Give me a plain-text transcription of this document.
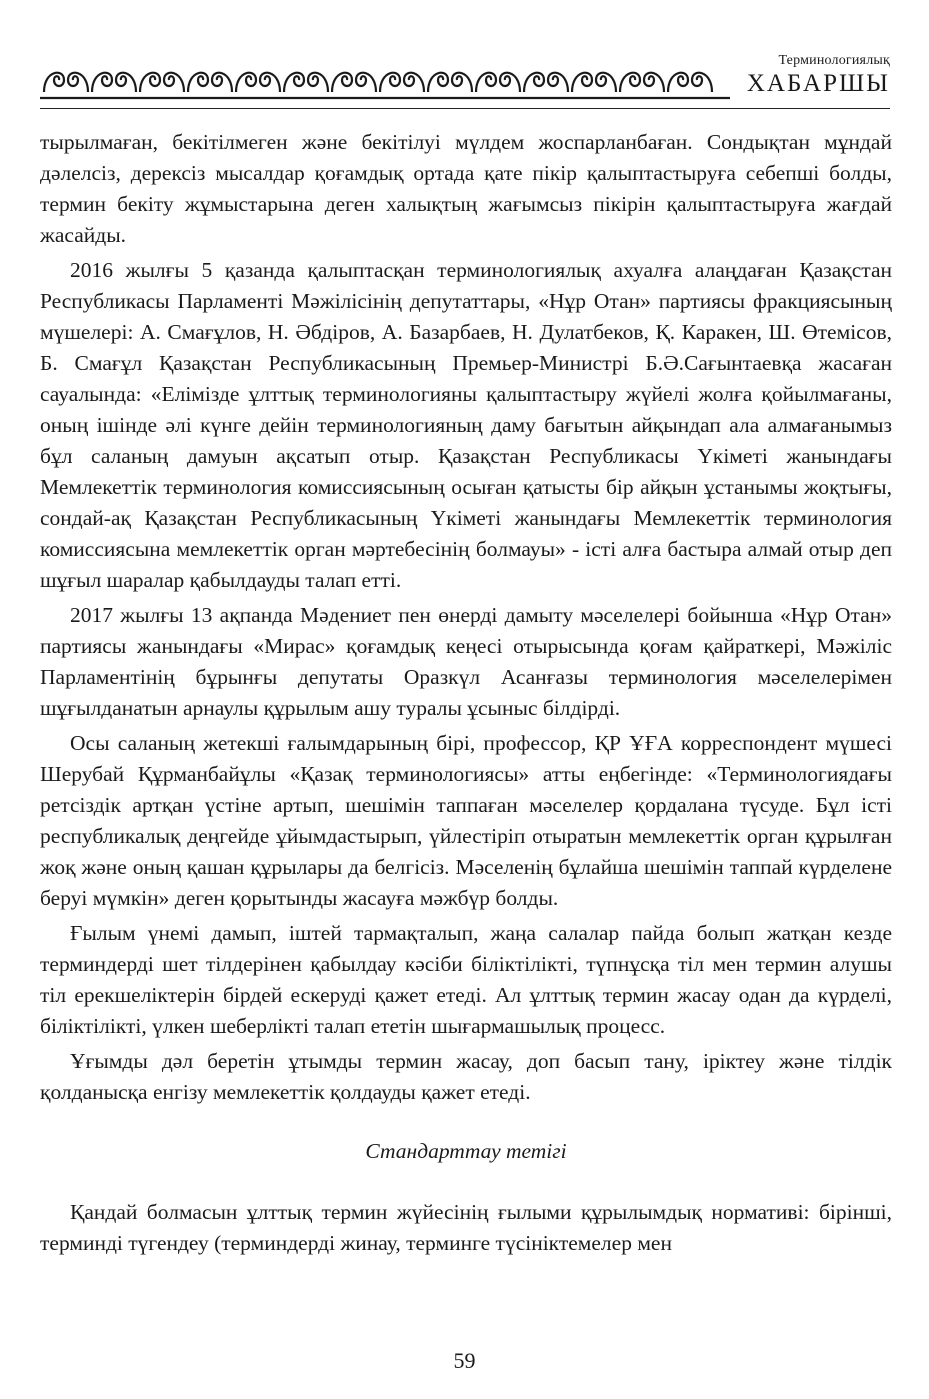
Терминологиялық
ХАБАРШЫ

тырылмаған, бекітілмеген және бекітілуі мүлдем жоспарланбаған. Сондықтан мұндай дәлелсіз, дерексіз мысалдар қоғамдық ортада қате пікір қалыптастыруға себепші болды, термин бекіту жұмыстарына деген халықтың жағымсыз пікірін қалыптастыруға жағдай жасайды.

2016 жылғы 5 қазанда қалыптасқан терминологиялық ахуалға алаңдаған Қазақстан Республикасы Парламенті Мәжілісінің депутаттары, «Нұр Отан» партиясы фракциясының мүшелері: А. Смағұлов, Н. Әбдіров, А. Базарбаев, Н. Дулатбеков, Қ. Каракен, Ш. Өтемісов, Б. Смағұл Қазақстан Республикасының Премьер-Министрі Б.Ә.Сағынтаевқа жасаған сауалында: «Елімізде ұлттық терминологияны қалыптастыру жүйелі жолға қойылмағаны, оның ішінде әлі күнге дейін терминологияның даму бағытын айқындап ала алмағанымыз бұл саланың дамуын ақсатып отыр. Қазақстан Республикасы Үкіметі жанындағы Мемлекеттік терминология комиссиясының осыған қатысты бір айқын ұстанымы жоқтығы, сондай-ақ Қазақстан Республикасының Үкіметі жанындағы Мемлекеттік терминология комиссиясына мемлекеттік орган мәртебесінің болмауы» - істі алға бастыра алмай отыр деп шұғыл шаралар қабылдауды талап етті.

2017 жылғы 13 ақпанда Мәдениет пен өнерді дамыту мәселелері бойынша «Нұр Отан» партиясы жанындағы «Мирас» қоғамдық кеңесі отырысында қоғам қайраткері, Мәжіліс Парламентінің бұрынғы депутаты Оразкүл Асанғазы терминология мәселелерімен шұғылданатын арнаулы құрылым ашу туралы ұсыныс білдірді.

Осы саланың жетекші ғалымдарының бірі, профессор, ҚР ҰҒА корреспондент мүшесі Шерубай Құрманбайұлы «Қазақ терминологиясы» атты еңбегінде: «Терминологиядағы ретсіздік артқан үстіне артып, шешімін таппаған мәселелер қордалана түсуде. Бұл істі республикалық деңгейде ұйымдастырып, үйлестіріп отыратын мемлекеттік орган құрылған жоқ және оның қашан құрылары да белгісіз. Мәселенің бұлайша шешімін таппай күрделене беруі мүмкін» деген қорытынды жасауға мәжбүр болды.

Ғылым үнемі дамып, іштей тармақталып, жаңа салалар пайда болып жатқан кезде терминдерді шет тілдерінен қабылдау кәсіби біліктілікті, түпнұсқа тіл мен термин алушы тіл ерекшеліктерін бірдей ескеруді қажет етеді. Ал ұлттық термин жасау одан да күрделі, біліктілікті, үлкен шеберлікті талап ететін шығармашылық процесс.

Ұғымды дәл беретін ұтымды термин жасау, доп басып тану, іріктеу және тілдік қолданысқа енгізу мемлекеттік қолдауды қажет етеді.

Стандарттау тетігі

Қандай болмасын ұлттық термин жүйесінің ғылыми құрылымдық нормативі: бірінші, терминді түгендеу (терминдерді жинау, терминге түсініктемелер мен

59
